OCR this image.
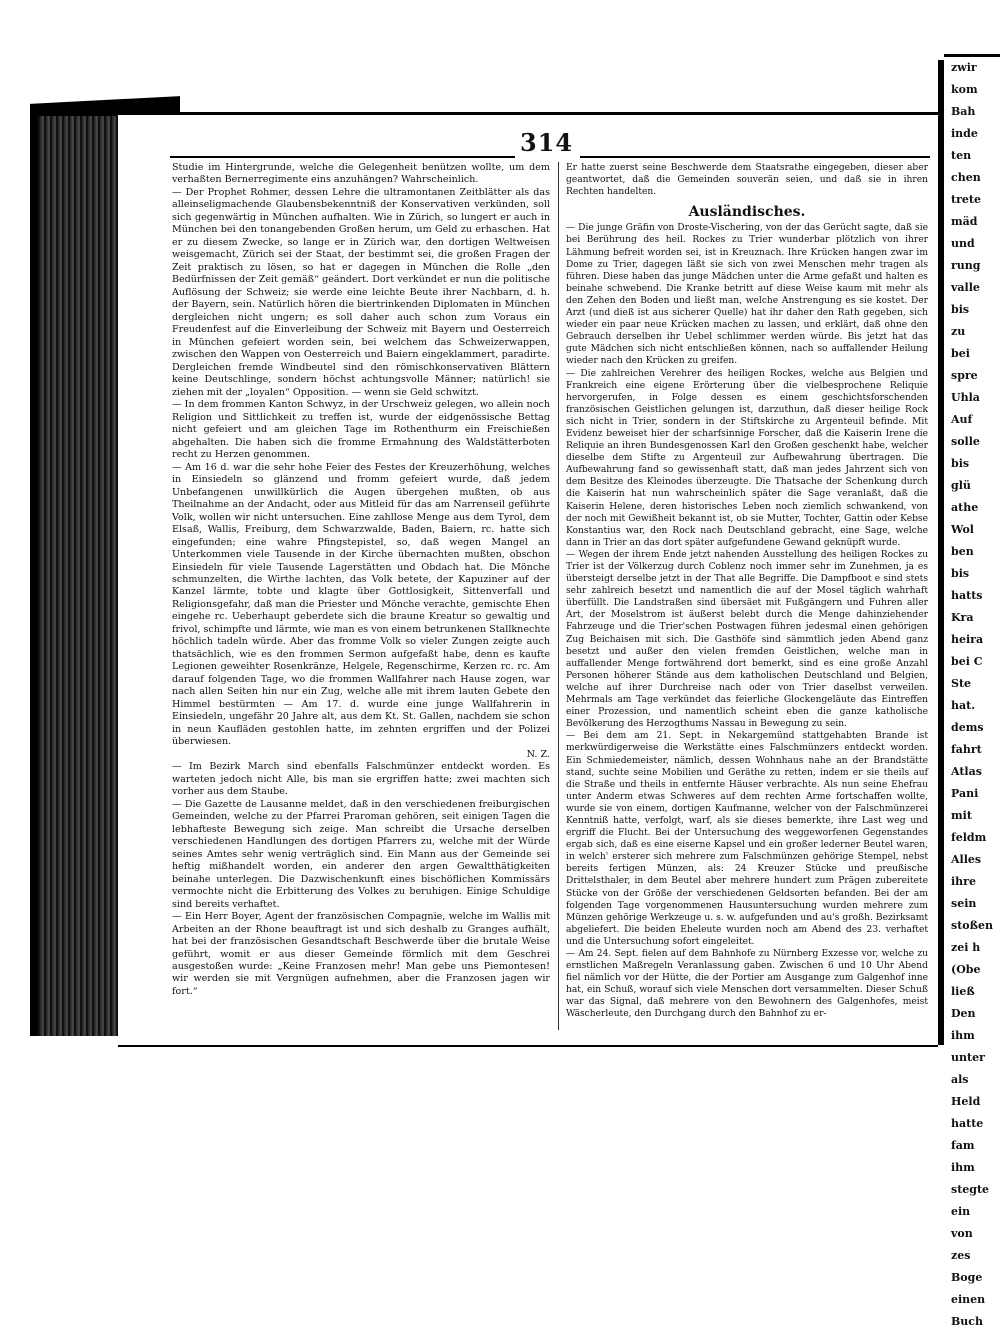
zwir
kom
Bah
inde
ten
chen
trete
mäd
und
rung
valle
bis
zu
bei
spre
Uhla
Auf
solle
bis
glü
athe
Wol
ben
bis
hatts
Kra
heira
bei C
Ste
hat.
dems
fahrt
Atlas
Pani
mit
feldm
Alles
ihre
sein
stoßen
zei h
(Obe
ließ
Den
ihm
unter
als
Held
hatte
fam
ihm
stegte
ein
von
zes
Boge
einen
Buch
314

Studie im Hintergrunde, welche die Gelegenheit benützen wollte, um dem verhaßten Bernerregimente eins anzuhängen? Wahrscheinlich.

— Der Prophet Rohmer, dessen Lehre die ultramontanen Zeitblätter als das alleinseligmachende Glaubensbekenntniß der Konservativen verkünden, soll sich gegenwärtig in München aufhalten. Wie in Zürich, so lungert er auch in München bei den tonangebenden Großen herum, um Geld zu erhaschen. Hat er zu diesem Zwecke, so lange er in Zürich war, den dortigen Weltweisen weisgemacht, Zürich sei der Staat, der bestimmt sei, die großen Fragen der Zeit praktisch zu lösen, so hat er dagegen in München die Rolle „den Bedürfnissen der Zeit gemäß“ geändert. Dort verkündet er nun die politische Auflösung der Schweiz; sie werde eine leichte Beute ihrer Nachbarn, d. h. der Bayern, sein. Natürlich hören die biertrinkenden Diplomaten in München dergleichen nicht ungern; es soll daher auch schon zum Voraus ein Freudenfest auf die Einverleibung der Schweiz mit Bayern und Oesterreich in München gefeiert worden sein, bei welchem das Schweizerwappen, zwischen den Wappen von Oesterreich und Baiern eingeklammert, paradirte. Dergleichen fremde Windbeutel sind den römischkonservativen Blättern keine Deutschlinge, sondern höchst achtungsvolle Männer; natürlich! sie ziehen mit der „loyalen“ Opposition. — wenn sie Geld schwitzt.

— In dem frommen Kanton Schwyz, in der Urschweiz gelegen, wo allein noch Religion und Sittlichkeit zu treffen ist, wurde der eidgenössische Bettag nicht gefeiert und am gleichen Tage im Rothenthurm ein Freischießen abgehalten. Die haben sich die fromme Ermahnung des Waldstätterboten recht zu Herzen genommen.

— Am 16 d. war die sehr hohe Feier des Festes der Kreuzerhöhung, welches in Einsiedeln so glänzend und fromm gefeiert wurde, daß jedem Unbefangenen unwillkürlich die Augen übergehen mußten, ob aus Theilnahme an der Andacht, oder aus Mitleid für das am Narrenseil geführte Volk, wollen wir nicht untersuchen. Eine zahllose Menge aus dem Tyrol, dem Elsaß, Wallis, Freiburg, dem Schwarzwalde, Baden, Baiern, rc. hatte sich eingefunden; eine wahre Pfingstepistel, so, daß wegen Mangel an Unterkommen viele Tausende in der Kirche übernachten mußten, obschon Einsiedeln für viele Tausende Lagerstätten und Obdach hat. Die Mönche schmunzelten, die Wirthe lachten, das Volk betete, der Kapuziner auf der Kanzel lärmte, tobte und klagte über Gottlosigkeit, Sittenverfall und Religionsgefahr, daß man die Priester und Mönche verachte, gemischte Ehen eingehe rc. Ueberhaupt geberdete sich die braune Kreatur so gewaltig und frivol, schimpfte und lärmte, wie man es von einem betrunkenen Stallknechte höchlich tadeln würde. Aber das fromme Volk so vieler Zungen zeigte auch thatsächlich, wie es den frommen Sermon aufgefaßt habe, denn es kaufte Legionen geweihter Rosenkränze, Helgele, Regenschirme, Kerzen rc. rc. Am darauf folgenden Tage, wo die frommen Wallfahrer nach Hause zogen, war nach allen Seiten hin nur ein Zug, welche alle mit ihrem lauten Gebete den Himmel bestürmten — Am 17. d. wurde eine junge Wallfahrerin in Einsiedeln, ungefähr 20 Jahre alt, aus dem Kt. St. Gallen, nachdem sie schon in neun Kaufläden gestohlen hatte, im zehnten ergriffen und der Polizei überwiesen.

N. Z.

— Im Bezirk March sind ebenfalls Falschmünzer entdeckt worden. Es warteten jedoch nicht Alle, bis man sie ergriffen hatte; zwei machten sich vorher aus dem Staube.

— Die Gazette de Lausanne meldet, daß in den verschiedenen freiburgischen Gemeinden, welche zu der Pfarrei Praroman gehören, seit einigen Tagen die lebhafteste Bewegung sich zeige. Man schreibt die Ursache derselben verschiedenen Handlungen des dortigen Pfarrers zu, welche mit der Würde seines Amtes sehr wenig verträglich sind. Ein Mann aus der Gemeinde sei heftig mißhandelt worden, ein anderer den argen Gewaltthätigkeiten beinahe unterlegen. Die Dazwischenkunft eines bischöflichen Kommissärs vermochte nicht die Erbitterung des Volkes zu beruhigen. Einige Schuldige sind bereits verhaftet.

— Ein Herr Boyer, Agent der französischen Compagnie, welche im Wallis mit Arbeiten an der Rhone beauftragt ist und sich deshalb zu Granges aufhält, hat bei der französischen Gesandtschaft Beschwerde über die brutale Weise geführt, womit er aus dieser Gemeinde förmlich mit dem Geschrei ausgestoßen wurde: „Keine Franzosen mehr! Man gebe uns Piemontesen! wir werden sie mit Vergnügen aufnehmen, aber die Franzosen jagen wir fort.“

Er hatte zuerst seine Beschwerde dem Staatsrathe eingegeben, dieser aber geantwortet, daß die Gemeinden souverän seien, und daß sie in ihren Rechten handelten.

Ausländisches.

— Die junge Gräfin von Droste-Vischering, von der das Gerücht sagte, daß sie bei Berührung des heil. Rockes zu Trier wunderbar plötzlich von ihrer Lähmung befreit worden sei, ist in Kreuznach. Ihre Krücken hangen zwar im Dome zu Trier, dagegen läßt sie sich von zwei Menschen mehr tragen als führen. Diese haben das junge Mädchen unter die Arme gefaßt und halten es beinahe schwebend. Die Kranke betritt auf diese Weise kaum mit mehr als den Zehen den Boden und ließt man, welche Anstrengung es sie kostet. Der Arzt (und dieß ist aus sicherer Quelle) hat ihr daher den Rath gegeben, sich wieder ein paar neue Krücken machen zu lassen, und erklärt, daß ohne den Gebrauch derselben ihr Uebel schlimmer werden würde. Bis jetzt hat das gute Mädchen sich nicht entschließen können, nach so auffallender Heilung wieder nach den Krücken zu greifen.

— Die zahlreichen Verehrer des heiligen Rockes, welche aus Belgien und Frankreich eine eigene Erörterung über die vielbesprochene Reliquie hervorgerufen, in Folge dessen es einem geschichtsforschenden französischen Geistlichen gelungen ist, darzuthun, daß dieser heilige Rock sich nicht in Trier, sondern in der Stiftskirche zu Argenteuil befinde. Mit Evidenz beweiset hier der scharfsinnige Forscher, daß die Kaiserin Irene die Reliquie an ihren Bundesgenossen Karl den Großen geschenkt habe, welcher dieselbe dem Stifte zu Argenteuil zur Aufbewahrung übertragen. Die Aufbewahrung fand so gewissenhaft statt, daß man jedes Jahrzent sich von dem Besitze des Kleinodes überzeugte. Die Thatsache der Schenkung durch die Kaiserin hat nun wahrscheinlich später die Sage veranlaßt, daß die Kaiserin Helene, deren historisches Leben noch ziemlich schwankend, von der noch mit Gewißheit bekannt ist, ob sie Mutter, Tochter, Gattin oder Kebse Konstantius war, den Rock nach Deutschland gebracht, eine Sage, welche dann in Trier an das dort später aufgefundene Gewand geknüpft wurde.

— Wegen der ihrem Ende jetzt nahenden Ausstellung des heiligen Rockes zu Trier ist der Völkerzug durch Coblenz noch immer sehr im Zunehmen, ja es übersteigt derselbe jetzt in der That alle Begriffe. Die Dampfboot e sind stets sehr zahlreich besetzt und namentlich die auf der Mosel täglich wahrhaft überfüllt. Die Landstraßen sind übersäet mit Fußgängern und Fuhren aller Art, der Moselstrom ist äußerst belebt durch die Menge dahinziehender Fahrzeuge und die Trier'schen Postwagen führen jedesmal einen gehörigen Zug Beichaisen mit sich. Die Gasthöfe sind sämmtlich jeden Abend ganz besetzt und außer den vielen fremden Geistlichen, welche man in auffallender Menge fortwährend dort bemerkt, sind es eine große Anzahl Personen höherer Stände aus dem katholischen Deutschland und Belgien, welche auf ihrer Durchreise nach oder von Trier daselbst verweilen. Mehrmals am Tage verkündet das feierliche Glockengeläute das Eintreffen einer Prozession, und namentlich scheint eben die ganze katholische Bevölkerung des Herzogthums Nassau in Bewegung zu sein.

— Bei dem am 21. Sept. in Nekargemünd stattgehabten Brande ist merkwürdigerweise die Werkstätte eines Falschmünzers entdeckt worden. Ein Schmiedemeister, nämlich, dessen Wohnhaus nahe an der Brandstätte stand, suchte seine Mobilien und Geräthe zu retten, indem er sie theils auf die Straße und theils in entfernte Häuser verbrachte. Als nun seine Ehefrau unter Anderm etwas Schweres auf dem rechten Arme fortschaffen wollte, wurde sie von einem, dortigen Kaufmanne, welcher von der Falschmünzerei Kenntniß hatte, verfolgt, warf, als sie dieses bemerkte, ihre Last weg und ergriff die Flucht. Bei der Untersuchung des weggeworfenen Gegenstandes ergab sich, daß es eine eiserne Kapsel und ein großer lederner Beutel waren, in welch' ersterer sich mehrere zum Falschmünzen gehörige Stempel, nebst bereits fertigen Münzen, als: 24 Kreuzer Stücke und preußische Drittelsthaler, in dem Beutel aber mehrere hundert zum Prägen zubereitete Stücke von der Größe der verschiedenen Geldsorten befanden. Bei der am folgenden Tage vorgenommenen Hausuntersuchung wurden mehrere zum Münzen gehörige Werkzeuge u. s. w. aufgefunden und au's großh. Bezirksamt abgeliefert. Die beiden Eheleute wurden noch am Abend des 23. verhaftet und die Untersuchung sofort eingeleitet.

— Am 24. Sept. fielen auf dem Bahnhofe zu Nürnberg Exzesse vor, welche zu ernstlichen Maßregeln Veranlassung gaben. Zwischen 6 und 10 Uhr Abend fiel nämlich vor der Hütte, die der Portier am Ausgange zum Galgenhof inne hat, ein Schuß, worauf sich viele Menschen dort versammelten. Dieser Schuß war das Signal, daß mehrere von den Bewohnern des Galgenhofes, meist Wäscherleute, den Durchgang durch den Bahnhof zu er-
